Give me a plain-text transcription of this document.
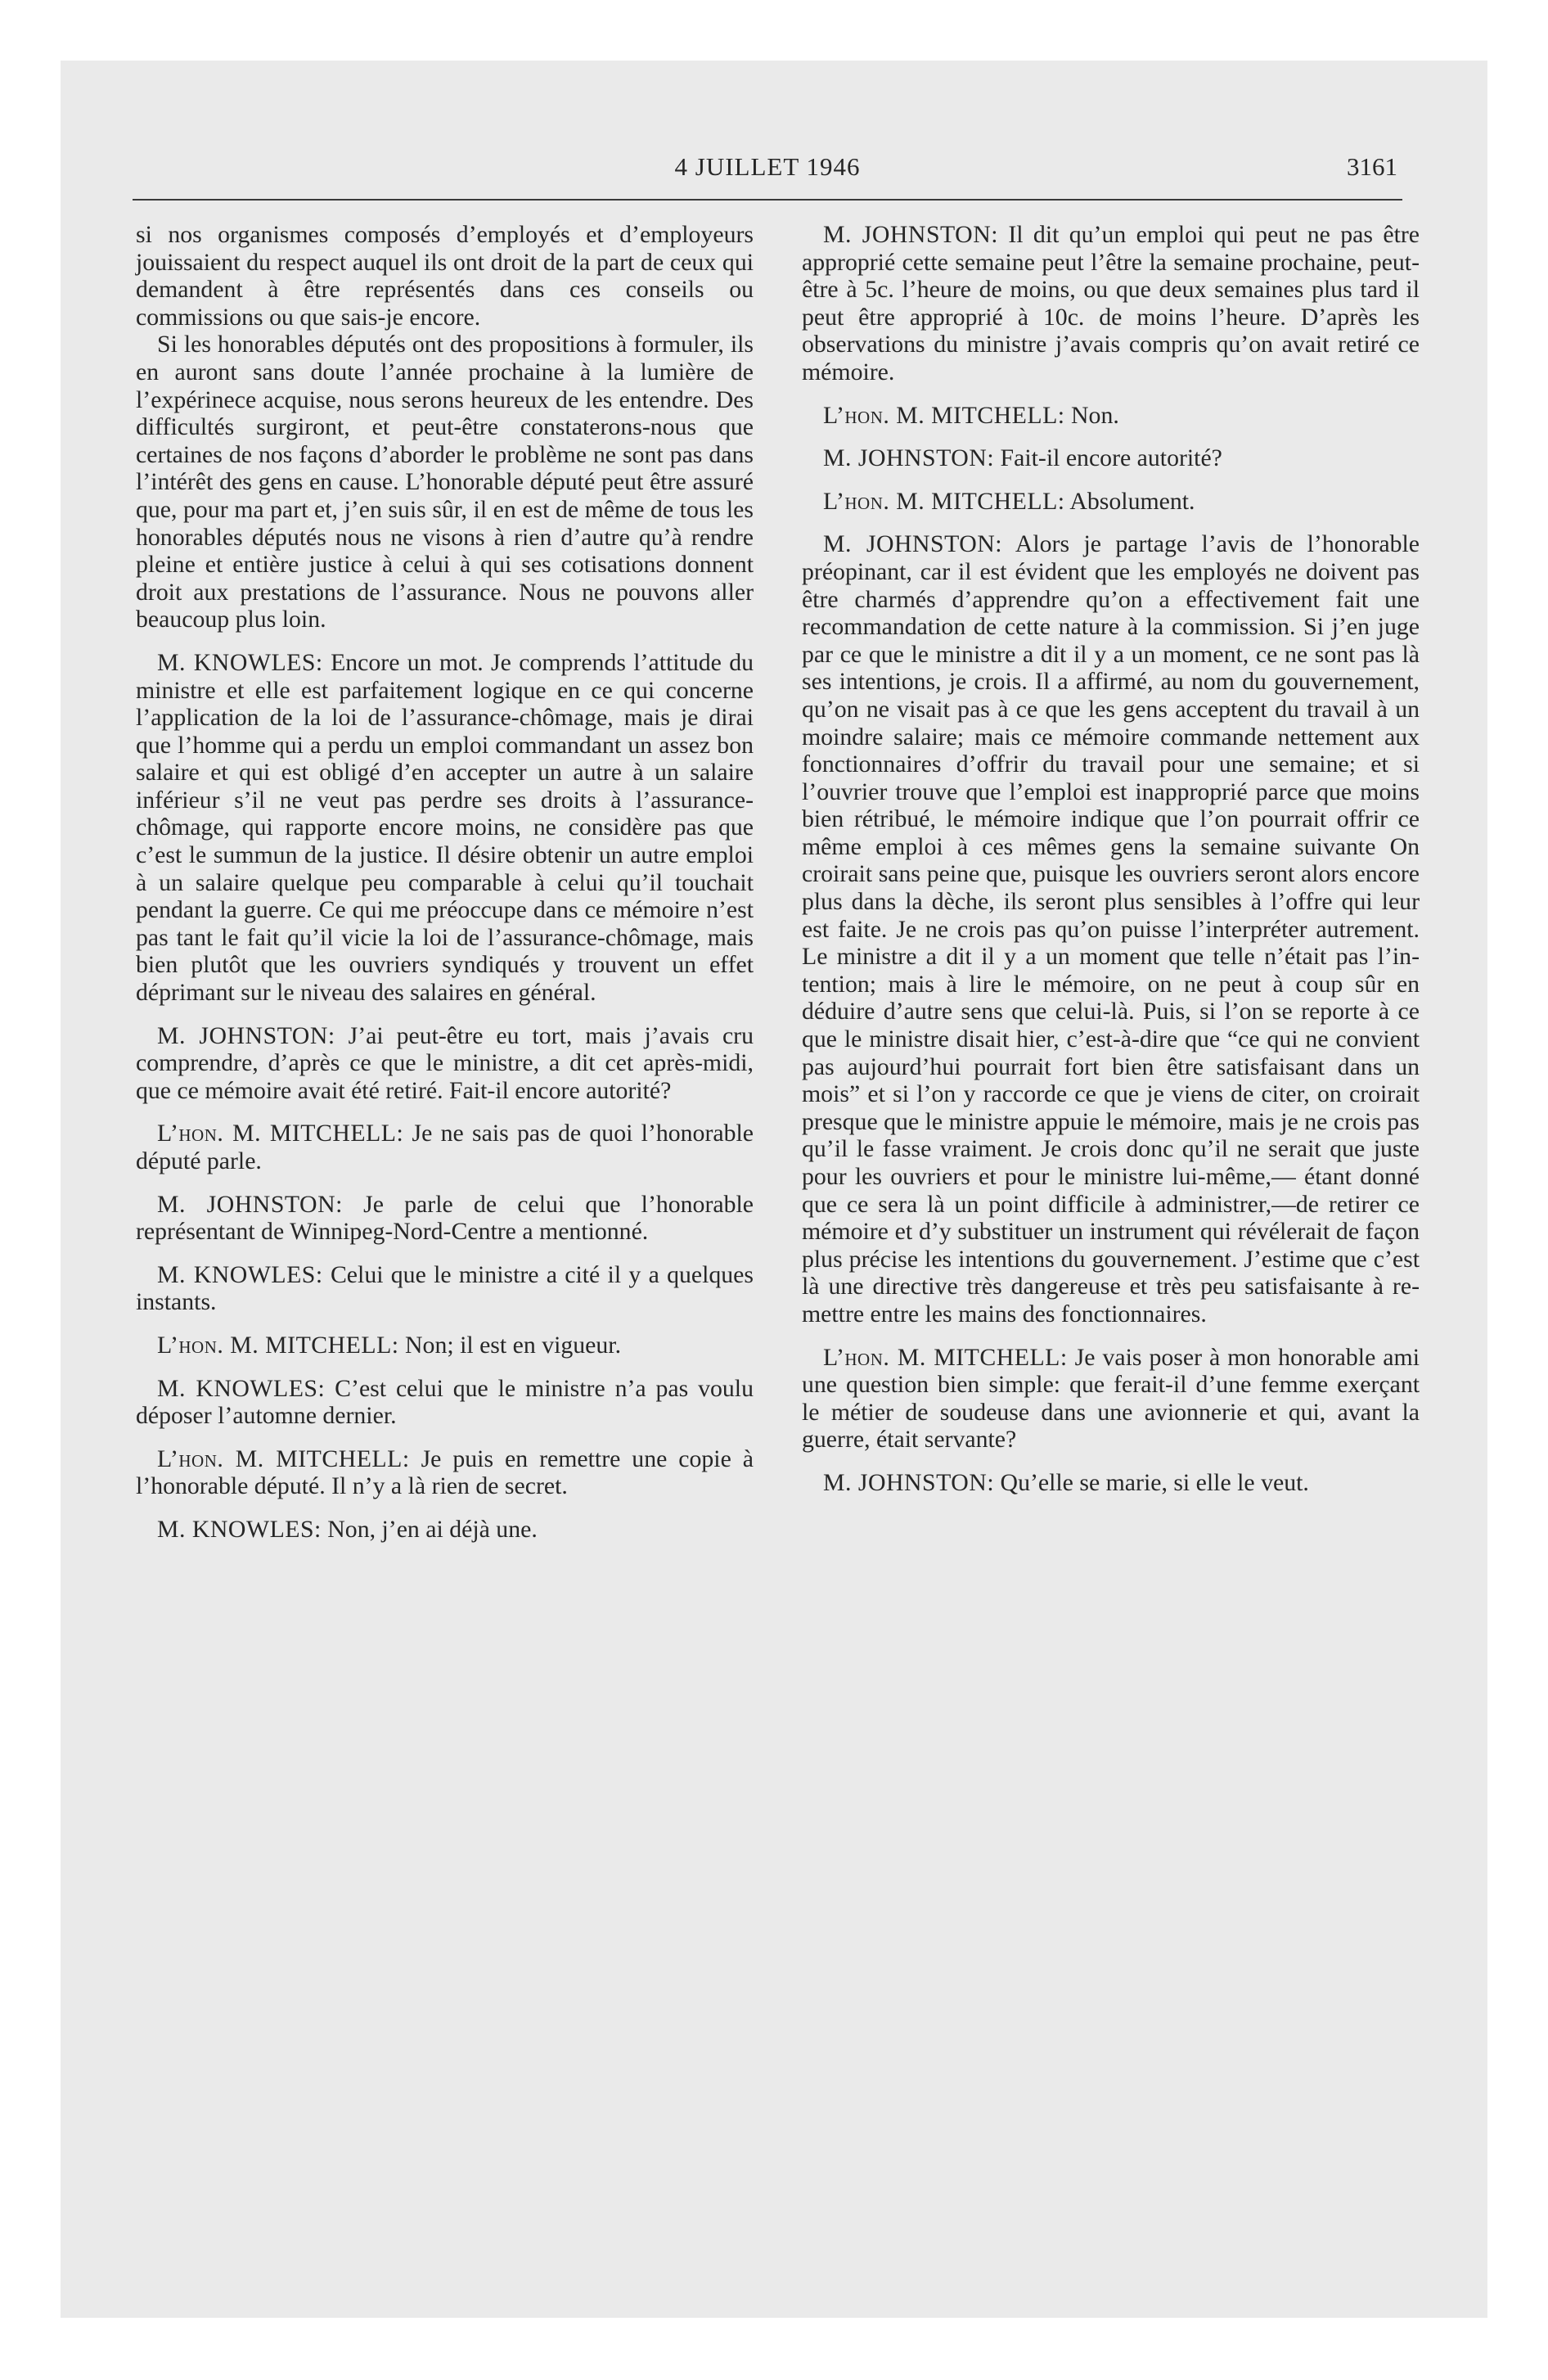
4 JUILLET 1946	3161

si nos organismes composés d’employés et d’employeurs jouissaient du respect auquel ils ont droit de la part de ceux qui demandent à être représentés dans ces conseils ou commissions ou que sais-je encore.

Si les honorables députés ont des propositions à formuler, ils en auront sans doute l’année prochaine à la lumière de l’expérinece acquise, nous serons heureux de les entendre. Des difficultés surgiront, et peut-être constaterons-nous que certaines de nos façons d’aborder le problème ne sont pas dans l’intérêt des gens en cause. L’honorable député peut être assuré que, pour ma part et, j’en suis sûr, il en est de même de tous les honorables députés nous ne visons à rien d’autre qu’à rendre pleine et entière justice à celui à qui ses cotisations donnent droit aux prestations de l’assurance. Nous ne pouvons aller beaucoup plus loin.

M. KNOWLES: Encore un mot. Je comprends l’attitude du ministre et elle est parfaitement logique en ce qui concerne l’application de la loi de l’assurance-chômage, mais je dirai que l’homme qui a perdu un emploi commandant un assez bon salaire et qui est obligé d’en accepter un autre à un salaire inférieur s’il ne veut pas perdre ses droits à l’assurance-chômage, qui rapporte encore moins, ne considère pas que c’est le summun de la justice. Il désire obtenir un autre emploi à un salaire quelque peu comparable à celui qu’il touchait pendant la guerre. Ce qui me préoccupe dans ce mémoire n’est pas tant le fait qu’il vicie la loi de l’assurance-chômage, mais bien plutôt que les ouvriers syndiqués y trouvent un effet déprimant sur le niveau des salaires en général.

M. JOHNSTON: J’ai peut-être eu tort, mais j’avais cru comprendre, d’après ce que le ministre, a dit cet après-midi, que ce mémoire avait été retiré. Fait-il encore autorité?

L’hon. M. MITCHELL: Je ne sais pas de quoi l’honorable député parle.

M. JOHNSTON: Je parle de celui que l’honorable représentant de Winnipeg-Nord-Centre a mentionné.

M. KNOWLES: Celui que le ministre a cité il y a quelques instants.

L’hon. M. MITCHELL: Non; il est en vigueur.

M. KNOWLES: C’est celui que le ministre n’a pas voulu déposer l’automne dernier.

L’hon. M. MITCHELL: Je puis en remettre une copie à l’honorable député. Il n’y a là rien de secret.

M. KNOWLES: Non, j’en ai déjà une.

M. JOHNSTON: Il dit qu’un emploi qui peut ne pas être approprié cette semaine peut l’être la semaine prochaine, peut-être à 5c. l’heure de moins, ou que deux semaines plus tard il peut être approprié à 10c. de moins l’heure. D’après les observations du ministre j’avais compris qu’on avait retiré ce mémoire.

L’hon. M. MITCHELL: Non.

M. JOHNSTON: Fait-il encore autorité?

L’hon. M. MITCHELL: Absolument.

M. JOHNSTON: Alors je partage l’avis de l’honorable préopinant, car il est évident que les employés ne doivent pas être charmés d’apprendre qu’on a effectivement fait une recommandation de cette nature à la commission. Si j’en juge par ce que le ministre a dit il y a un moment, ce ne sont pas là ses intentions, je crois. Il a affirmé, au nom du gouvernement, qu’on ne visait pas à ce que les gens acceptent du travail à un moindre salaire; mais ce mémoire commande nettement aux fonctionnaires d’offrir du travail pour une semaine; et si l’ouvrier trouve que l’emploi est inapproprié parce que moins bien rétribué, le mémoire indique que l’on pourrait offrir ce même emploi à ces mêmes gens la semaine suivante On croirait sans peine que, puisque les ouvriers seront alors encore plus dans la dèche, ils seront plus sensibles à l’offre qui leur est faite. Je ne crois pas qu’on puisse l’interpréter autrement. Le ministre a dit il y a un moment que telle n’était pas l’intention; mais à lire le mémoire, on ne peut à coup sûr en déduire d’autre sens que celui-là. Puis, si l’on se reporte à ce que le ministre disait hier, c’est-à-dire que “ce qui ne convient pas aujourd’hui pourrait fort bien être satisfaisant dans un mois” et si l’on y raccorde ce que je viens de citer, on croirait presque que le ministre appuie le mémoire, mais je ne crois pas qu’il le fasse vraiment. Je crois donc qu’il ne serait que juste pour les ouvriers et pour le ministre lui-même,— étant donné que ce sera là un point difficile à administrer,—de retirer ce mémoire et d’y substituer un instrument qui révélerait de façon plus précise les intentions du gouvernement. J’estime que c’est là une directive très dangereuse et très peu satisfaisante à remettre entre les mains des fonctionnaires.

L’hon. M. MITCHELL: Je vais poser à mon honorable ami une question bien simple: que ferait-il d’une femme exerçant le métier de soudeuse dans une avionnerie et qui, avant la guerre, était servante?

M. JOHNSTON: Qu’elle se marie, si elle le veut.
